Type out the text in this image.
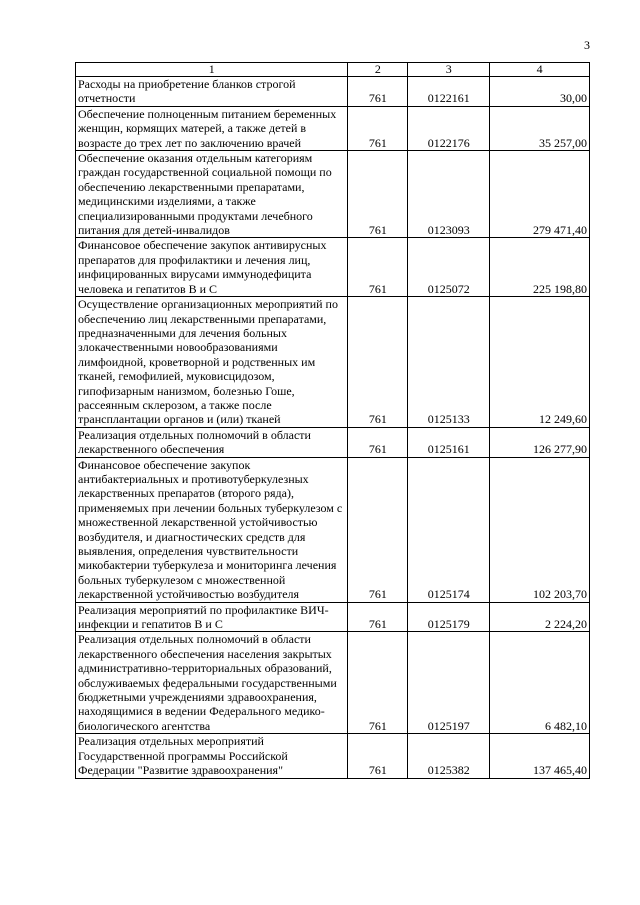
3
1	2	3	4
Расходы на приобретение бланков строгой отчетности	761	0122161	30,00
Обеспечение полноценным питанием беременных женщин, кормящих матерей, а также детей в возрасте до трех лет по заключению врачей	761	0122176	35 257,00
Обеспечение оказания отдельным категориям граждан государственной социальной помощи по обеспечению лекарственными препаратами, медицинскими изделиями, а также специализированными продуктами лечебного питания для детей-инвалидов	761	0123093	279 471,40
Финансовое обеспечение закупок антивирусных препаратов для профилактики и лечения лиц, инфицированных вирусами иммунодефицита человека и гепатитов В и С	761	0125072	225 198,80
Осуществление организационных мероприятий по обеспечению лиц лекарственными препаратами, предназначенными для лечения больных злокачественными новообразованиями лимфоидной, кроветворной и родственных им тканей, гемофилией, муковисцидозом, гипофизарным нанизмом, болезнью Гоше, рассеянным склерозом, а также после трансплантации органов и (или) тканей	761	0125133	12 249,60
Реализация отдельных полномочий в области лекарственного обеспечения	761	0125161	126 277,90
Финансовое обеспечение закупок антибактериальных и противотуберкулезных лекарственных препаратов (второго ряда), применяемых при лечении больных туберкулезом с множественной лекарственной устойчивостью возбудителя, и диагностических средств для выявления, определения чувствительности микобактерии туберкулеза и мониторинга лечения больных туберкулезом с множественной лекарственной устойчивостью возбудителя	761	0125174	102 203,70
Реализация мероприятий по профилактике ВИЧ-инфекции и гепатитов В и С	761	0125179	2 224,20
Реализация отдельных полномочий в области лекарственного обеспечения населения закрытых административно-территориальных образований, обслуживаемых федеральными государственными бюджетными учреждениями здравоохранения, находящимися в ведении Федерального медико-биологического агентства	761	0125197	6 482,10
Реализация отдельных мероприятий Государственной программы Российской Федерации "Развитие здравоохранения"	761	0125382	137 465,40
